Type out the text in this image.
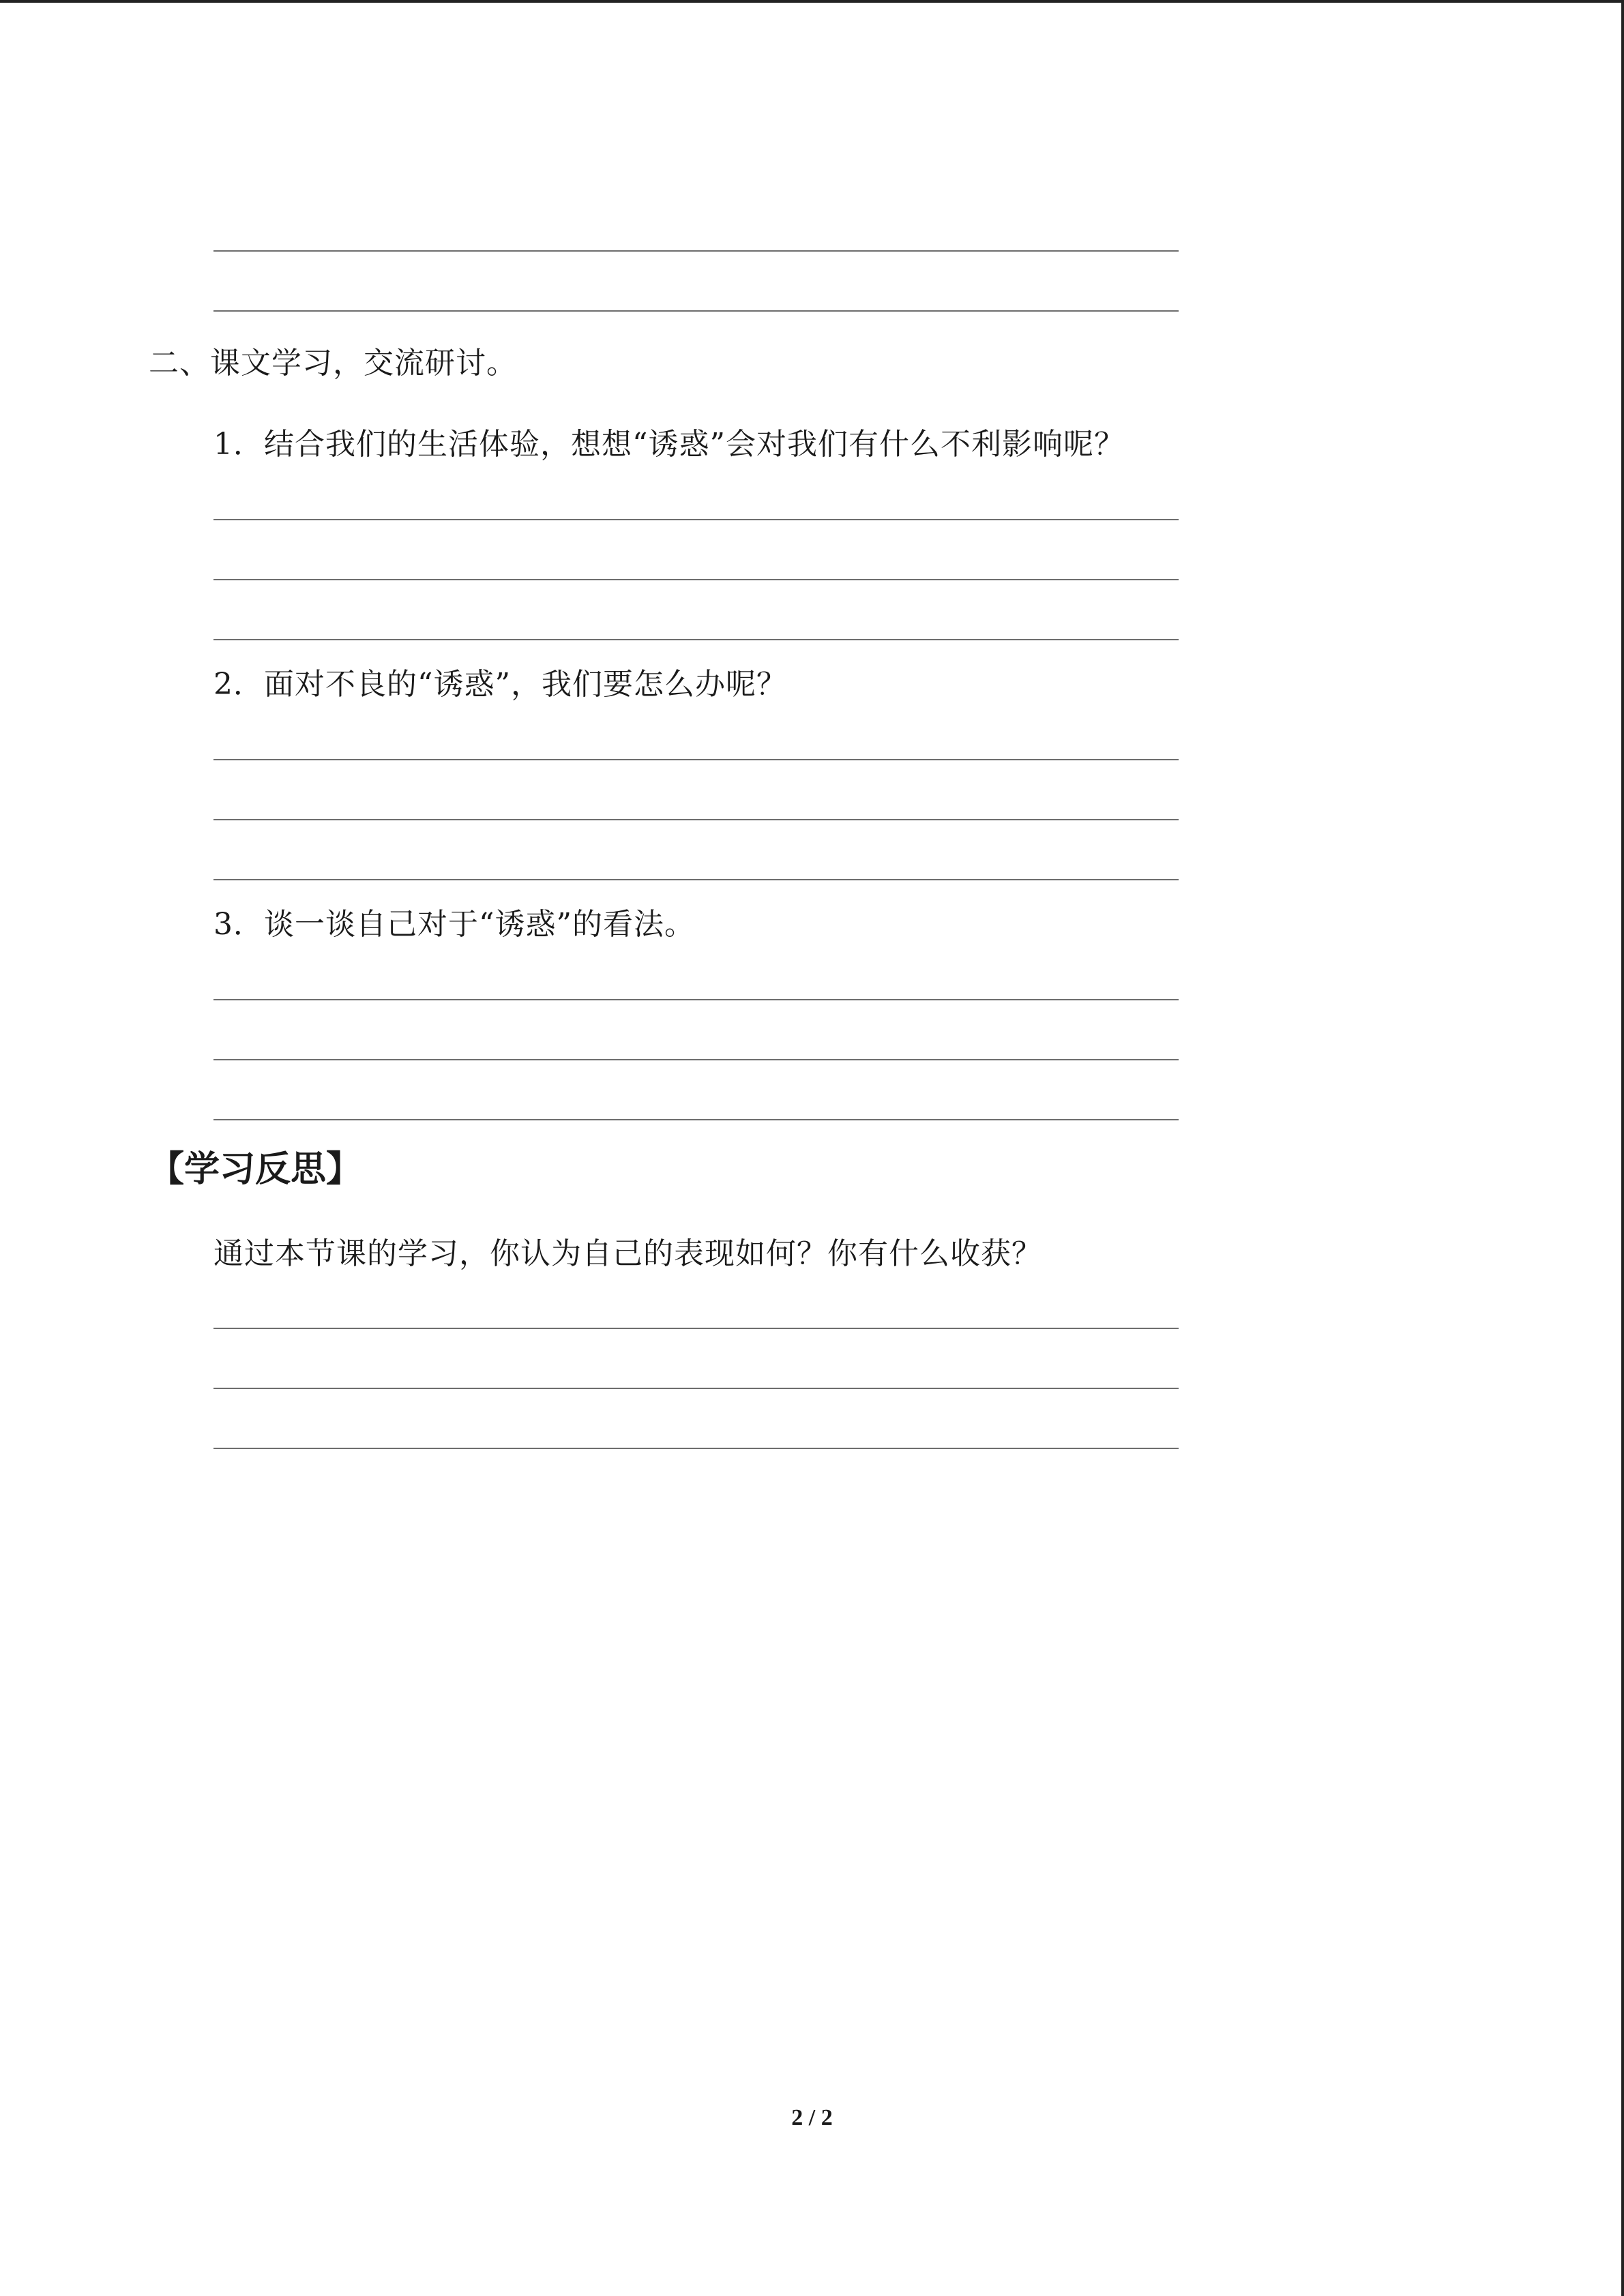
二、课文学习，交流研讨。
1．结合我们的生活体验，想想“诱惑”会对我们有什么不利影响呢？
2．面对不良的“诱惑”，我们要怎么办呢？
3．谈一谈自己对于“诱惑”的看法。
【学习反思】
通过本节课的学习，你认为自己的表现如何？你有什么收获？
2 / 2
